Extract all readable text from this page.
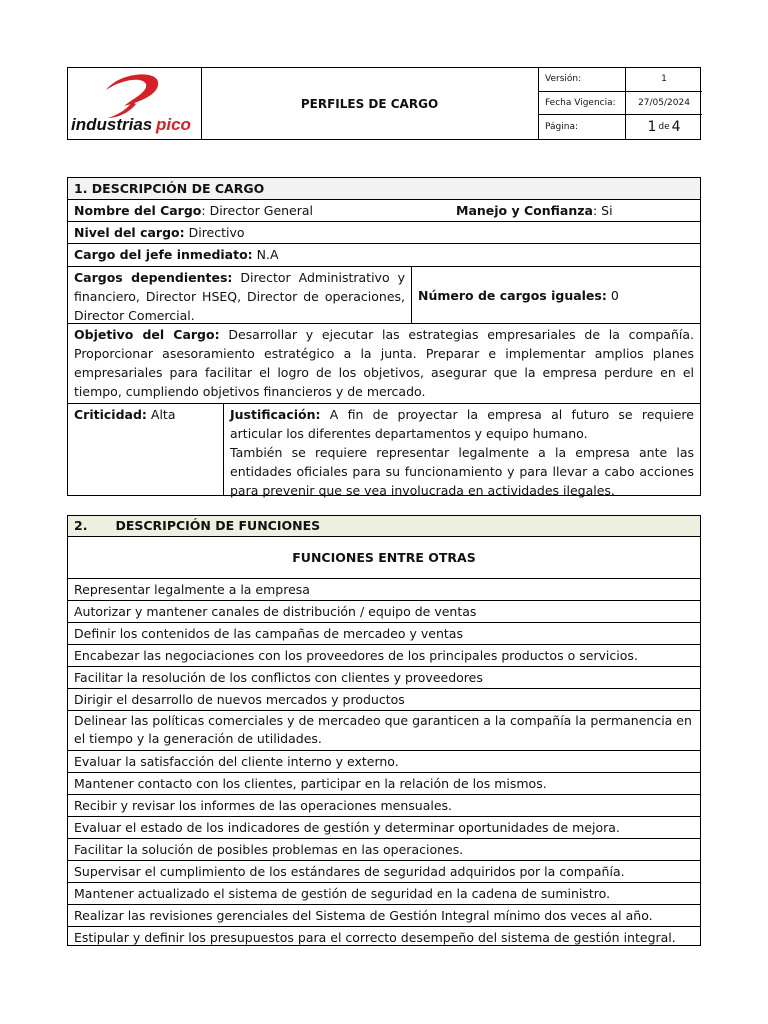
industrias pico
PERFILES DE CARGO
Versión:	1
Fecha Vigencia:	27/05/2024
Página:	1 de 4
1. DESCRIPCIÓN DE CARGO
Nombre del Cargo: Director General	Manejo y Confianza: Si
Nivel del cargo: Directivo
Cargo del jefe inmediato: N.A
Cargos dependientes: Director Administrativo y financiero, Director HSEQ, Director de operaciones, Director Comercial.
Número de cargos iguales: 0
Objetivo del Cargo: Desarrollar y ejecutar las estrategias empresariales de la compañía. Proporcionar asesoramiento estratégico a la junta. Preparar e implementar amplios planes empresariales para facilitar el logro de los objetivos, asegurar que la empresa perdure en el tiempo, cumpliendo objetivos financieros y de mercado.
Criticidad: Alta	Justificación: A fin de proyectar la empresa al futuro se requiere articular los diferentes departamentos y equipo humano.
También se requiere representar legalmente a la empresa ante las entidades oficiales para su funcionamiento y para llevar a cabo acciones para prevenir que se vea involucrada en actividades ilegales.
2. DESCRIPCIÓN DE FUNCIONES
FUNCIONES ENTRE OTRAS
Representar legalmente a la empresa
Autorizar y mantener canales de distribución / equipo de ventas
Definir los contenidos de las campañas de mercadeo y ventas
Encabezar las negociaciones con los proveedores de los principales productos o servicios.
Facilitar la resolución de los conflictos con clientes y proveedores
Dirigir el desarrollo de nuevos mercados y productos
Delinear las políticas comerciales y de mercadeo que garanticen a la compañía la permanencia en el tiempo y la generación de utilidades.
Evaluar la satisfacción del cliente interno y externo.
Mantener contacto con los clientes, participar en la relación de los mismos.
Recibir y revisar los informes de las operaciones mensuales.
Evaluar el estado de los indicadores de gestión y determinar oportunidades de mejora.
Facilitar la solución de posibles problemas en las operaciones.
Supervisar el cumplimiento de los estándares de seguridad adquiridos por la compañía.
Mantener actualizado el sistema de gestión de seguridad en la cadena de suministro.
Realizar las revisiones gerenciales del Sistema de Gestión Integral mínimo dos veces al año.
Estipular y definir los presupuestos para el correcto desempeño del sistema de gestión integral.
